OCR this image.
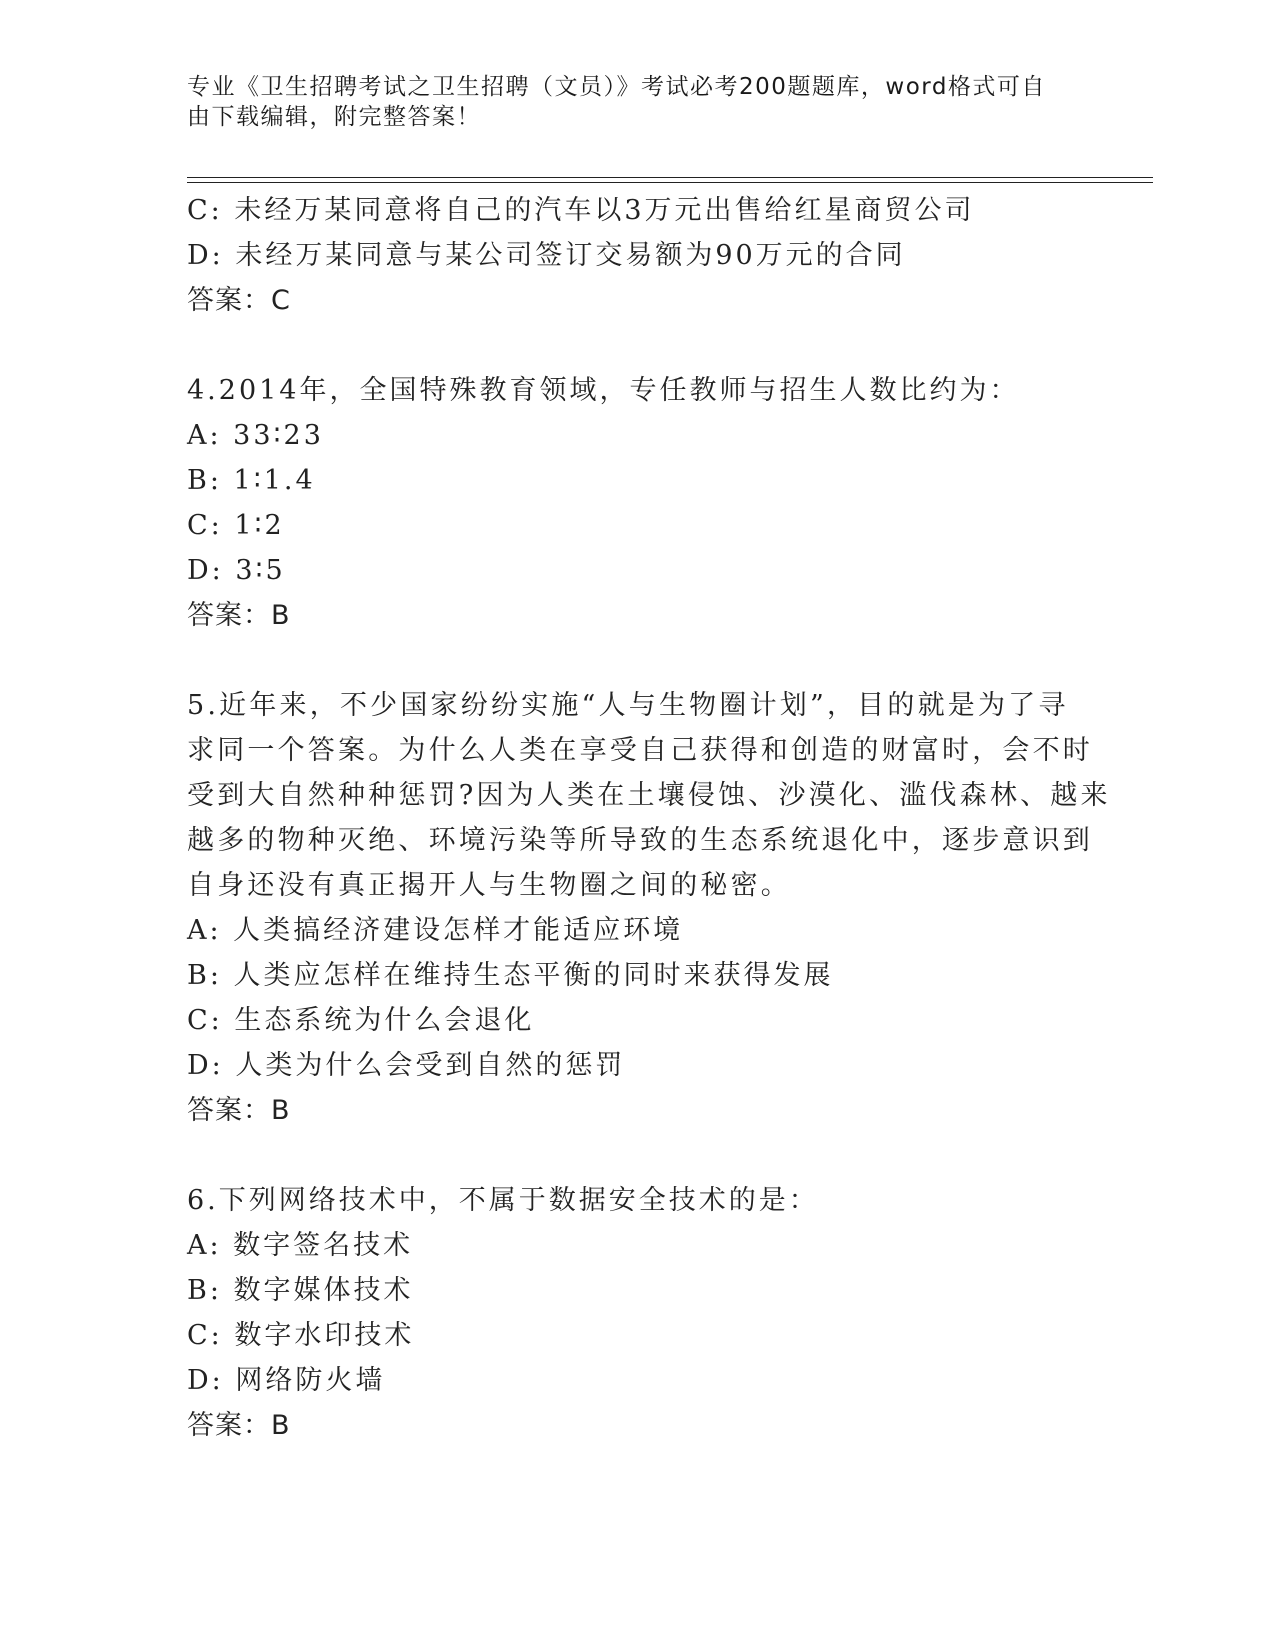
专业《卫生招聘考试之卫生招聘（文员）》考试必考200题题库，word格式可自
由下载编辑，附完整答案！
C: 未经万某同意将自己的汽车以3万元出售给红星商贸公司
D: 未经万某同意与某公司签订交易额为90万元的合同
答案：C
4.2014年，全国特殊教育领域，专任教师与招生人数比约为：
A: 33∶23
B: 1∶1.4
C: 1∶2
D: 3∶5
答案：B
5.近年来，不少国家纷纷实施“人与生物圈计划”，目的就是为了寻
求同一个答案。为什么人类在享受自己获得和创造的财富时，会不时
受到大自然种种惩罚?因为人类在土壤侵蚀、沙漠化、滥伐森林、越来
越多的物种灭绝、环境污染等所导致的生态系统退化中，逐步意识到
自身还没有真正揭开人与生物圈之间的秘密。
A: 人类搞经济建设怎样才能适应环境
B: 人类应怎样在维持生态平衡的同时来获得发展
C: 生态系统为什么会退化
D: 人类为什么会受到自然的惩罚
答案：B
6.下列网络技术中，不属于数据安全技术的是：
A: 数字签名技术
B: 数字媒体技术
C: 数字水印技术
D: 网络防火墙
答案：B
